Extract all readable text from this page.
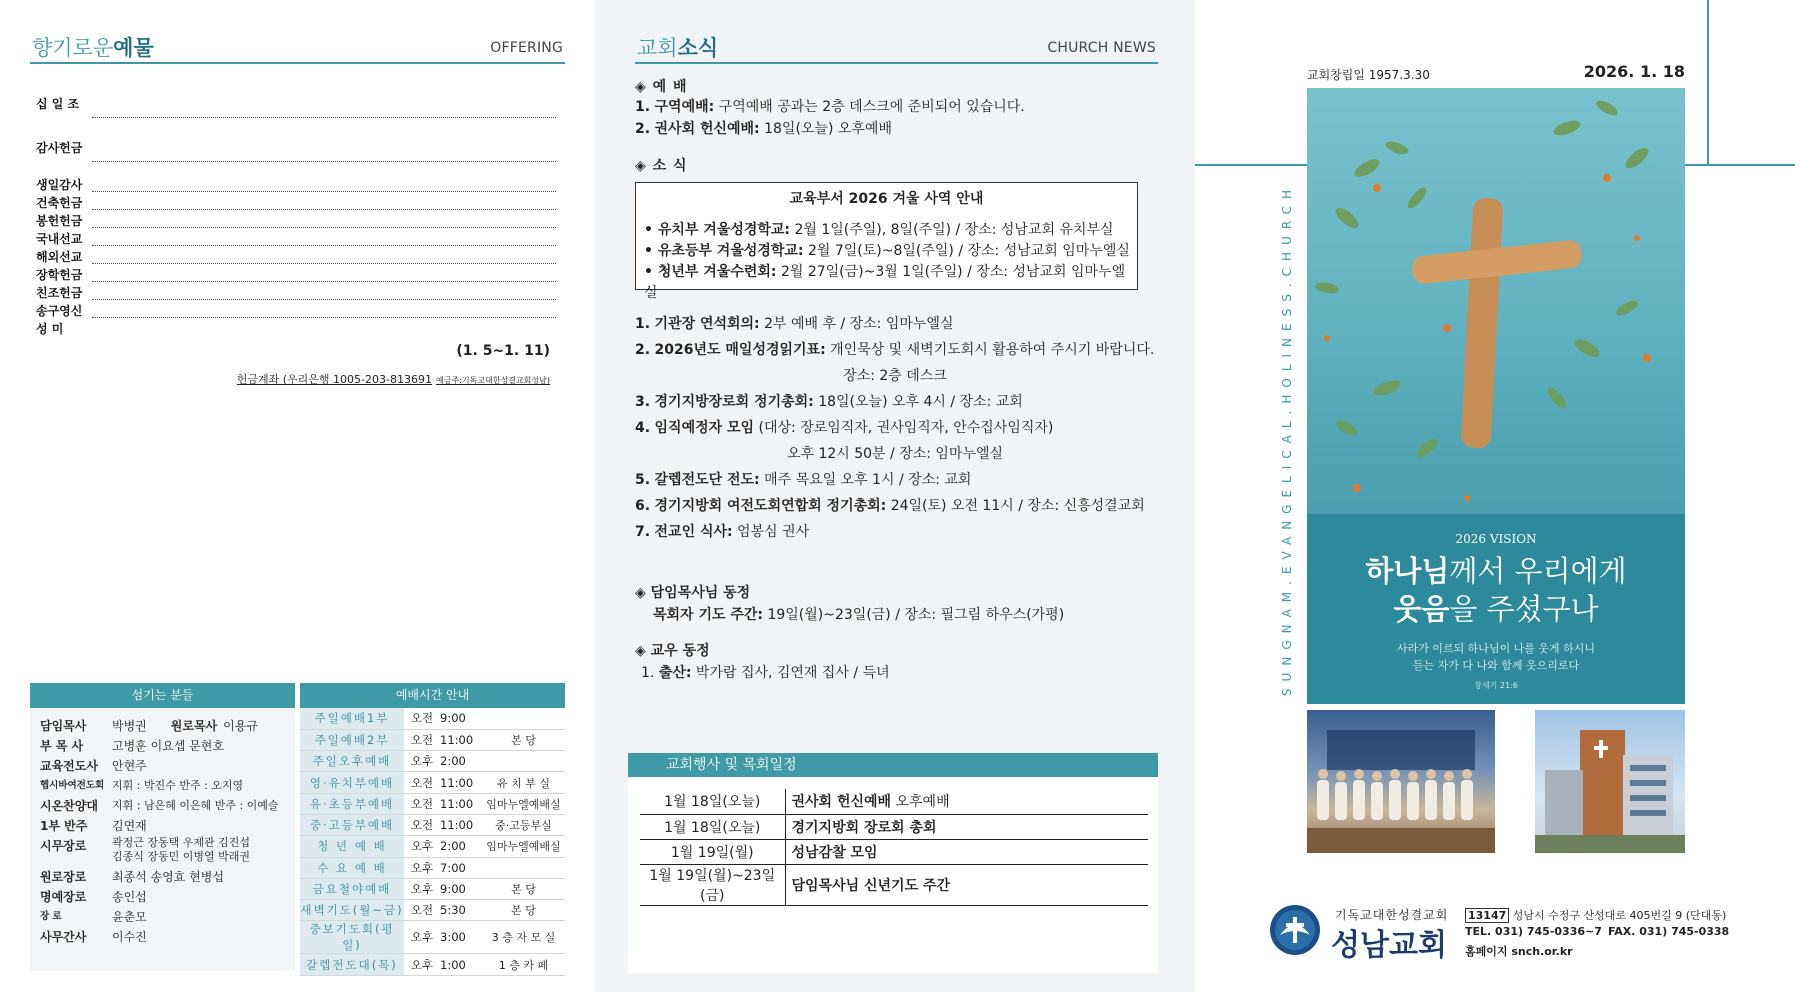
향기로운예물	OFFERING
십 일 조
감사헌금
생일감사
건축헌금
봉헌헌금
국내선교
해외선교
장학헌금
친조헌금
송구영신
성 미
(1. 5~1. 11)
헌금계좌 (우리은행 1005-203-813691 예금주:기독교대한성결교회성남)
섬기는 분들	예배시간 안내
담임목사	박병권 원로목사 이용규
부 목 사	고병훈 이요셉 문현호
교육전도사	안현주
헵시바여전도회 지휘 : 박진수 반주 : 오지영
시온찬양대	지휘 : 남은혜 이은혜 반주 : 이예슬
1부 반주	김연재
시무장로	곽정근 장동택 우제관 김진섭
김종식 장동민 이병열 박래권
원로장로	최종석 송영효 현병섭
명예장로	송인섭
장 로	윤춘모
사무간사	이수진
주일예배1부	오전	9:00	
주일예배2부	오전	11:00	본 당
주일오후예배	오후	2:00	
영·유치부예배	오전	11:00	유 치 부 실
유·초등부예배	오전	11:00	임마누엘예배실
중·고등부예배	오전	11:00	중·고등부실
청 년 예 배	오후	2:00	임마누엘예배실
수 요 예 배	오후	7:00	
금요철야예배	오후	9:00	본 당
새벽기도(월~금)	오전	5:30	본 당
중보기도회(평일)	오후	3:00	3 층 자 모 실
갈렙전도대(목)	오후	1:00	1 층 카 페
교회소식	CHURCH NEWS
◈ 예 배
1. 구역예배: 구역예배 공과는 2층 데스크에 준비되어 있습니다.
2. 권사회 헌신예배: 18일(오늘) 오후예배
◈ 소 식
교육부서 2026 겨울 사역 안내
• 유치부 겨울성경학교: 2월 1일(주일), 8일(주일) / 장소: 성남교회 유치부실
• 유초등부 겨울성경학교: 2월 7일(토)~8일(주일) / 장소: 성남교회 임마누엘실
• 청년부 겨울수련회: 2월 27일(금)~3월 1일(주일) / 장소: 성남교회 임마누엘실
1. 기관장 연석회의: 2부 예배 후 / 장소: 임마누엘실
2. 2026년도 매일성경읽기표: 개인묵상 및 새벽기도회시 활용하여 주시기 바랍니다.
장소: 2층 데스크
3. 경기지방장로회 정기총회: 18일(오늘) 오후 4시 / 장소: 교회
4. 임직예정자 모임 (대상: 장로임직자, 권사임직자, 안수집사임직자)
오후 12시 50분 / 장소: 임마누엘실
5. 갈렙전도단 전도: 매주 목요일 오후 1시 / 장소: 교회
6. 경기지방회 여전도회연합회 정기총회: 24일(토) 오전 11시 / 장소: 신흥성결교회
7. 전교인 식사: 엄봉심 권사
◈ 담임목사님 동정
목회자 기도 주간: 19일(월)~23일(금) / 장소: 필그림 하우스(가평)
◈ 교우 동정
1. 출산: 박가람 집사, 김연재 집사 / 득녀
교회행사 및 목회일정
1월 18일(오늘)	권사회 헌신예배 오후예배
1월 18일(오늘)	경기지방회 장로회 총회
1월 19일(월)	성남감찰 모임
1월 19일(월)~23일(금)	담임목사님 신년기도 주간
교회창립일 1957.3.30	2026. 1. 18
SUNGNAM.EVANGELICAL.HOLINESS.CHURCH	2026 VISION
하나님께서 우리에게
웃음을 주셨구나
사라가 이르되 하나님이 나를 웃게 하시니
듣는 자가 다 나와 함께 웃으리로다
창세기 21:6
기독교대한성결교회
성남교회
13147 성남시 수정구 산성대로 405번길 9 (단대동)
TEL. 031) 745-0336~7 FAX. 031) 745-0338
홈페이지 snch.or.kr
